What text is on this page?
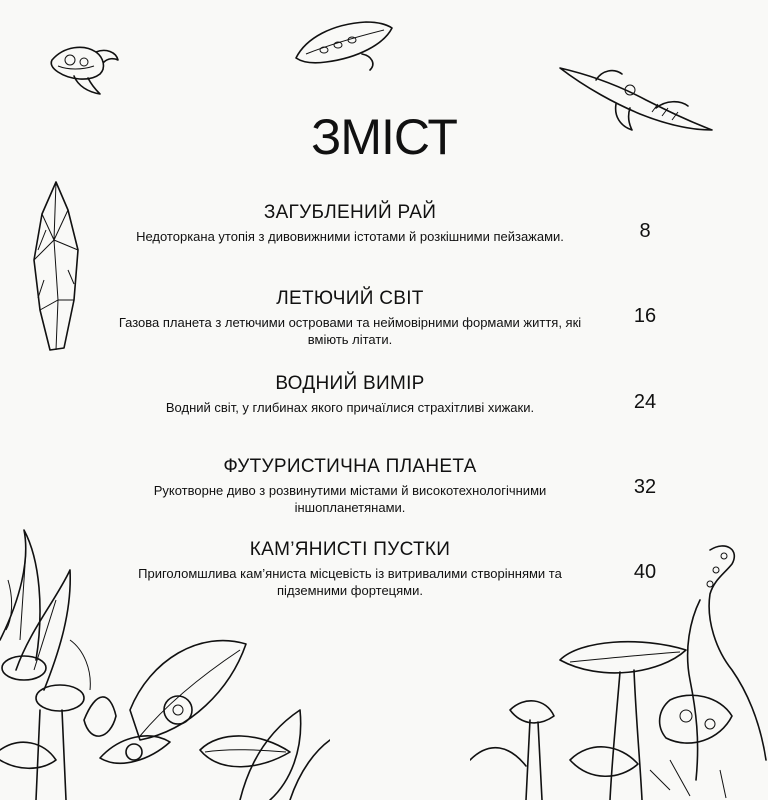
ЗМІСТ
ЗАГУБЛЕНИЙ РАЙ
Недоторкана утопія з дивовижними істотами й розкішними пейзажами.	8
ЛЕТЮЧИЙ СВІТ
Газова планета з летючими островами та неймовірними формами життя, які вміють літати.
16
ВОДНИЙ ВИМІР
Водний світ, у глибинах якого причаїлися страхітливі хижаки.	24
ФУТУРИСТИЧНА ПЛАНЕТА
Рукотворне диво з розвинутими містами й високотехнологічними іншопланетянами.
32
КАМ’ЯНИСТІ ПУСТКИ
Приголомшлива кам’яниста місцевість із витривалими створіннями та підземними фортецями.
40
